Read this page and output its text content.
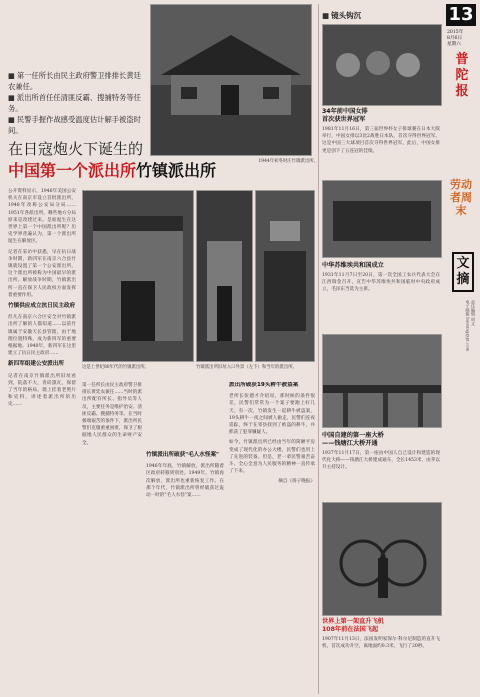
■ 第一任所长由民主政府警卫排排长黄廷农兼任。
■ 派出所首任任清匪反霸、搜捕特务等任务。
■ 民警手握作战感受温度估计解手被盗时间。
1944年初冬时庄竹镇派出所。
在日寇炮火下诞生的
中国第一个派出所竹镇派出所

公开资料显示，1946年美国公安机关在南京市设立首批派出所，1948年改称公安局分局……1951年各派出所，哪些地方分局原来是改建过来。是谁诞生在这世界上第一个中国派出所呢？历史学界普遍认为，第一个派出所诞生在解放区。

记者在采访中获悉，早在抗日战争时期，新四军在南京六合县竹镇就设置了第一个公安派出所，这个派出所被称为中国最早的派出所。解放战争时期，竹镇派出所一直在保卫人民政权方面发挥着重要作用。

竹镇供应成立抗日民主政府

但凡在南京六合区安全对竹镇派出所了解的人都知道……以前竹镇属于安徽天长县管辖，由于地理位置特殊，成为新四军的重要根据地。1940年，新四军在这里建立了抗日民主政府……

新四军组建公安派出所

记者在南京竹镇派出所旧址看到，院落不大，青砖黛瓦，保留了当年的格局。墙上挂着老照片和史料，讲述着派出所的历史……

这是上世纪80年代的竹镇派出所。	竹镇派出所旧址入口外景（左下）和当年的派出所。

第一任所长由民主政府警卫排排长黄廷农兼任……当时的派出所配有所长、指导员等人员，主要任务是维护治安、清匪反霸、搜捕特务等。在当时极端艰苦的条件下，派出所民警们克服重重困难，保卫了根据地人民群众的生命财产安全。

竹镇派出所破获"毛人水怪案"

1946年年底，竹镇解放，派出所随着区政府转移到别处。1949年，竹镇再次解放，派出所也重新恢复工作。在那个年代，竹镇派出所曾经破获过轰动一时的"毛人水怪"案……

派出所破获19头耕牛被盗案

老所长张德才介绍说，那时候的条件很差，民警们常常为一个案子要跑上好几天。有一次，竹镇发生一起耕牛被盗案，19头耕牛一夜之间被人偷走，民警们连夜追踪，终于在邻县找到了被盗的耕牛，并抓获了犯罪嫌疑人。

如今，竹镇派出所已经由当年的简陋平房变成了现代化的办公大楼，民警们也用上了先进的装备。但是，老一辈民警艰苦奋斗、全心全意为人民服务的精神一直传承了下来。

摘自《扬子晚报》
■ 镜头钩沉
34年前中国女排
首次获世界冠军
1981年11月16日，第三届世界杯女子排球赛在日本大阪举行，中国女排以3比2战胜日本队，首次夺得世界冠军。这是中国三大球项目首次夺得世界冠军，此后，中国女排更是创下了五连冠的佳绩。
中华苏维埃共和国成立
1931年11月7日至20日，第一次全国工农兵代表大会在江西瑞金召开，宣告中华苏维埃共和国临时中央政府成立，毛泽东当选为主席。
中国自建的第一座大桥
——钱塘江大桥开通
1937年11月17日，第一座由中国人自己设计和建造的现代化大桥——钱塘江大桥建成通车，全长1453米，由茅以升主持设计。
世界上第一架直升飞机
108年前在法国飞起
1907年11月13日，法国发明家保尔·科尔尼制造的直升飞机，首次成功升空，离地面约0.3米，飞行了20秒。
13
2015年
8月6日
星期六
普
陀
报
劳动者周末
文摘
责任编辑 周文
电子邮箱 banxing@pt.com
